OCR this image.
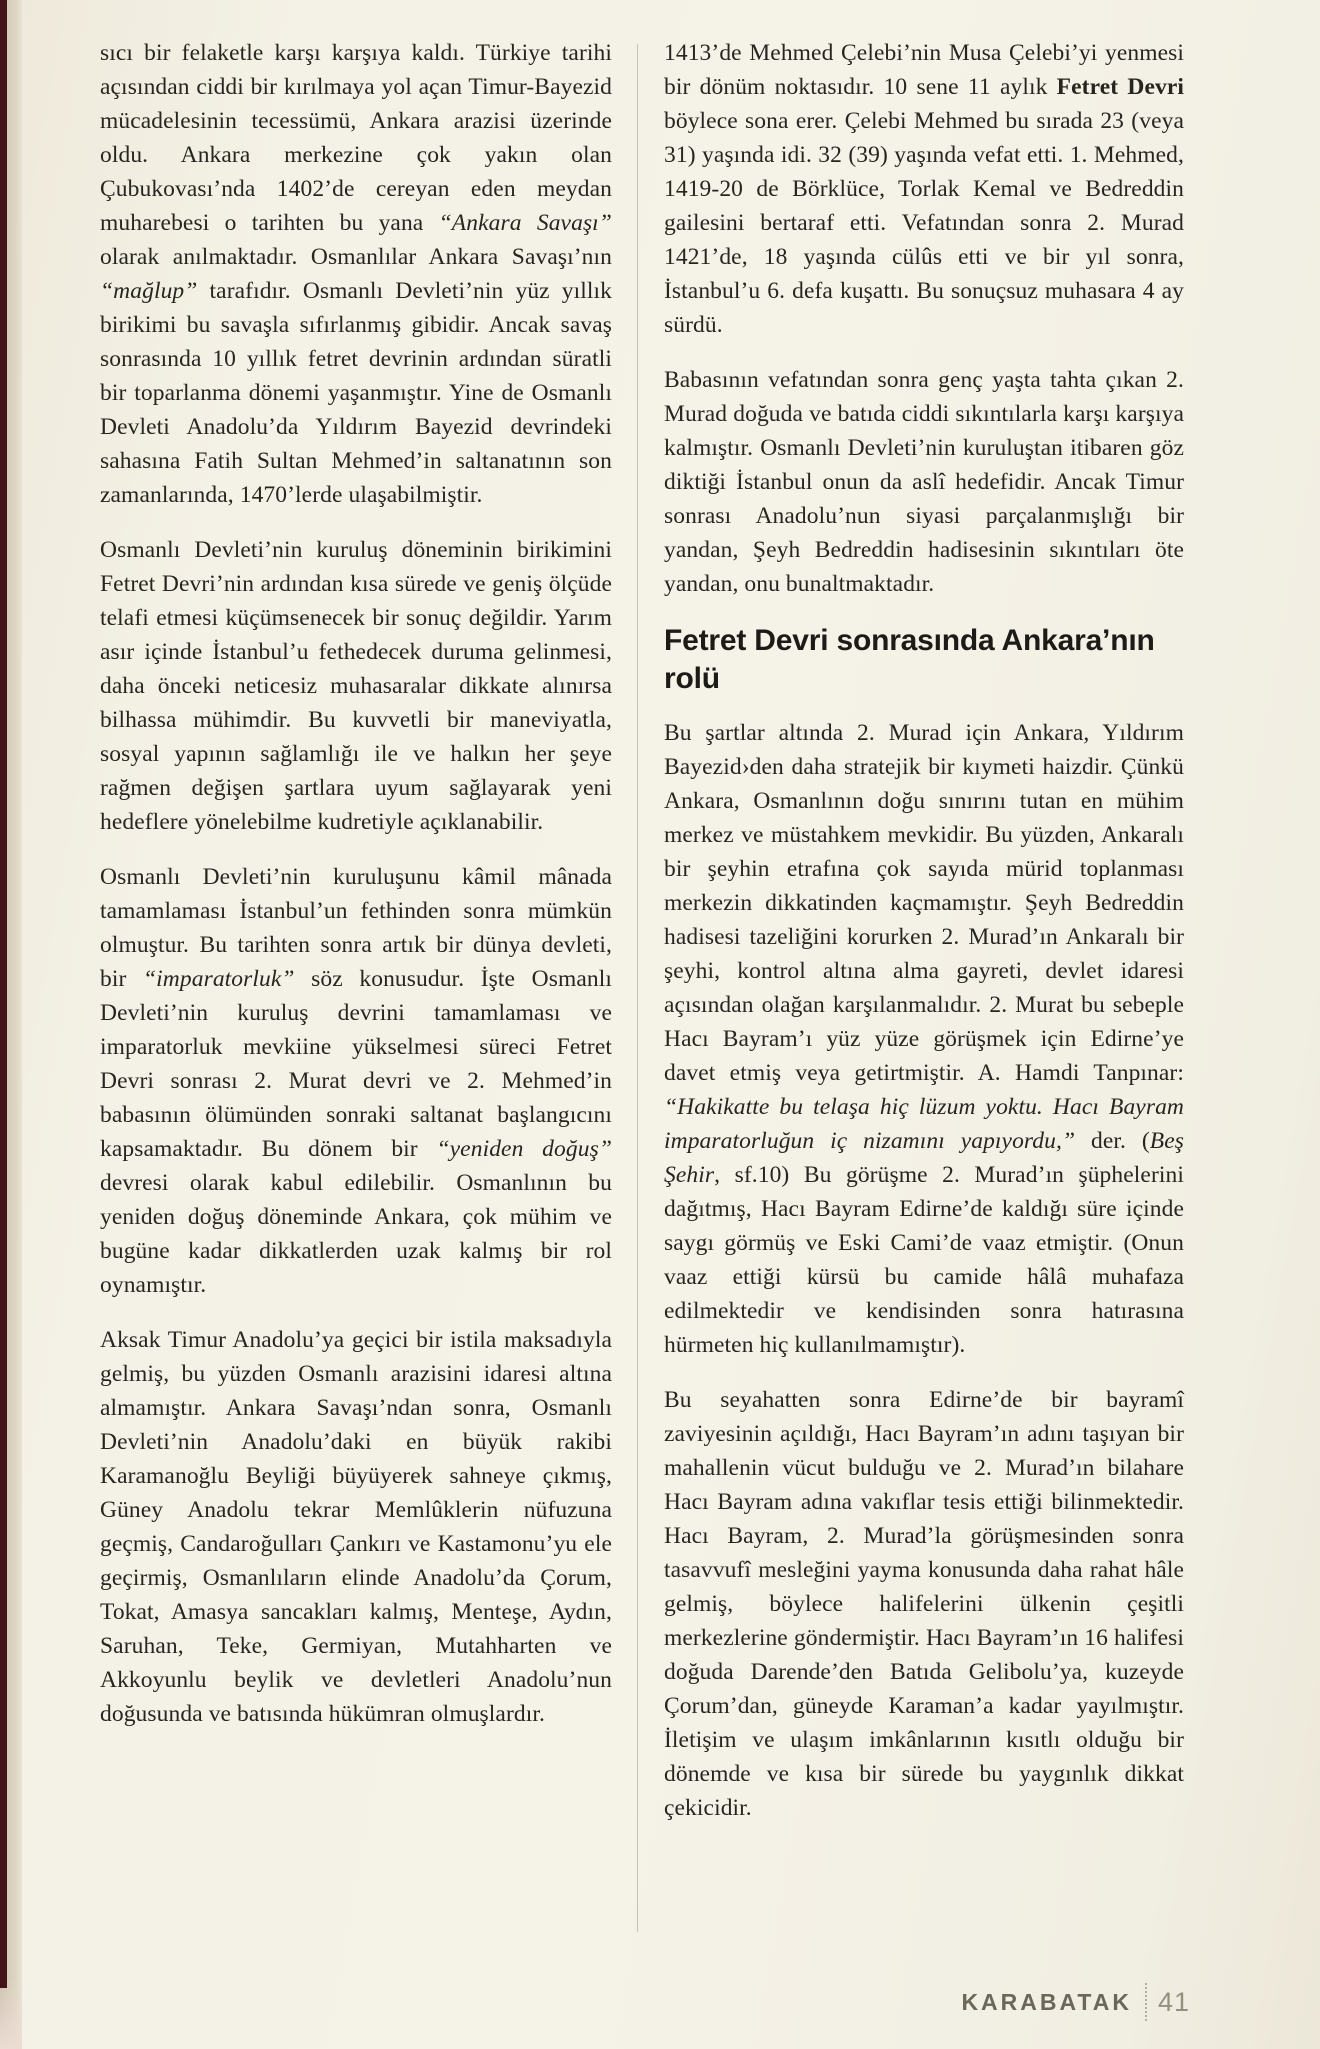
sıcı bir felaketle karşı karşıya kaldı. Türkiye tarihi açısından ciddi bir kırılmaya yol açan Timur-Bayezid mücadelesinin tecessümü, Ankara arazisi üzerinde oldu. Ankara merkezine çok yakın olan Çubukovası’nda 1402’de cereyan eden meydan muharebesi o tarihten bu yana “Ankara Savaşı” olarak anılmaktadır. Osmanlılar Ankara Savaşı’nın “mağlup” tarafıdır. Osmanlı Devleti’nin yüz yıllık birikimi bu savaşla sıfırlanmış gibidir. Ancak savaş sonrasında 10 yıllık fetret devrinin ardından süratli bir toparlanma dönemi yaşanmıştır. Yine de Osmanlı Devleti Anadolu’da Yıldırım Bayezid devrindeki sahasına Fatih Sultan Mehmed’in saltanatının son zamanlarında, 1470’lerde ulaşabilmiştir.

Osmanlı Devleti’nin kuruluş döneminin birikimini Fetret Devri’nin ardından kısa sürede ve geniş ölçüde telafi etmesi küçümsenecek bir sonuç değildir. Yarım asır içinde İstanbul’u fethedecek duruma gelinmesi, daha önceki neticesiz muhasaralar dikkate alınırsa bilhassa mühimdir. Bu kuvvetli bir maneviyatla, sosyal yapının sağlamlığı ile ve halkın her şeye rağmen değişen şartlara uyum sağlayarak yeni hedeflere yönelebilme kudretiyle açıklanabilir.

Osmanlı Devleti’nin kuruluşunu kâmil mânada tamamlaması İstanbul’un fethinden sonra mümkün olmuştur. Bu tarihten sonra artık bir dünya devleti, bir “imparatorluk” söz konusudur. İşte Osmanlı Devleti’nin kuruluş devrini tamamlaması ve imparatorluk mevkiine yükselmesi süreci Fetret Devri sonrası 2. Murat devri ve 2. Mehmed’in babasının ölümünden sonraki saltanat başlangıcını kapsamaktadır. Bu dönem bir “yeniden doğuş” devresi olarak kabul edilebilir. Osmanlının bu yeniden doğuş döneminde Ankara, çok mühim ve bugüne kadar dikkatlerden uzak kalmış bir rol oynamıştır.

Aksak Timur Anadolu’ya geçici bir istila maksadıyla gelmiş, bu yüzden Osmanlı arazisini idaresi altına almamıştır. Ankara Savaşı’ndan sonra, Osmanlı Devleti’nin Anadolu’daki en büyük rakibi Karamanoğlu Beyliği büyüyerek sahneye çıkmış, Güney Anadolu tekrar Memlûklerin nüfuzuna geçmiş, Candaroğulları Çankırı ve Kastamonu’yu ele geçirmiş, Osmanlıların elinde Anadolu’da Çorum, Tokat, Amasya sancakları kalmış, Menteşe, Aydın, Saruhan, Teke, Germiyan, Mutahharten ve Akkoyunlu beylik ve devletleri Anadolu’nun doğusunda ve batısında hükümran olmuşlardır.

1413’de Mehmed Çelebi’nin Musa Çelebi’yi yenmesi bir dönüm noktasıdır. 10 sene 11 aylık Fetret Devri böylece sona erer. Çelebi Mehmed bu sırada 23 (veya 31) yaşında idi. 32 (39) yaşında vefat etti. 1. Mehmed, 1419-20 de Börklüce, Torlak Kemal ve Bedreddin gailesini bertaraf etti. Vefatından sonra 2. Murad 1421’de, 18 yaşında cülûs etti ve bir yıl sonra, İstanbul’u 6. defa kuşattı. Bu sonuçsuz muhasara 4 ay sürdü.

Babasının vefatından sonra genç yaşta tahta çıkan 2. Murad doğuda ve batıda ciddi sıkıntılarla karşı karşıya kalmıştır. Osmanlı Devleti’nin kuruluştan itibaren göz diktiği İstanbul onun da aslî hedefidir. Ancak Timur sonrası Anadolu’nun siyasi parçalanmışlığı bir yandan, Şeyh Bedreddin hadisesinin sıkıntıları öte yandan, onu bunaltmaktadır.

Fetret Devri sonrasında Ankara’nın rolü

Bu şartlar altında 2. Murad için Ankara, Yıldırım Bayezid›den daha stratejik bir kıymeti haizdir. Çünkü Ankara, Osmanlının doğu sınırını tutan en mühim merkez ve müstahkem mevkidir. Bu yüzden, Ankaralı bir şeyhin etrafına çok sayıda mürid toplanması merkezin dikkatinden kaçmamıştır. Şeyh Bedreddin hadisesi tazeliğini korurken 2. Murad’ın Ankaralı bir şeyhi, kontrol altına alma gayreti, devlet idaresi açısından olağan karşılanmalıdır. 2. Murat bu sebeple Hacı Bayram’ı yüz yüze görüşmek için Edirne’ye davet etmiş veya getirtmiştir. A. Hamdi Tanpınar: “Hakikatte bu telaşa hiç lüzum yoktu. Hacı Bayram imparatorluğun iç nizamını yapıyordu,” der. (Beş Şehir, sf.10) Bu görüşme 2. Murad’ın şüphelerini dağıtmış, Hacı Bayram Edirne’de kaldığı süre içinde saygı görmüş ve Eski Cami’de vaaz etmiştir. (Onun vaaz ettiği kürsü bu camide hâlâ muhafaza edilmektedir ve kendisinden sonra hatırasına hürmeten hiç kullanılmamıştır).

Bu seyahatten sonra Edirne’de bir bayramî zaviyesinin açıldığı, Hacı Bayram’ın adını taşıyan bir mahallenin vücut bulduğu ve 2. Murad’ın bilahare Hacı Bayram adına vakıflar tesis ettiği bilinmektedir. Hacı Bayram, 2. Murad’la görüşmesinden sonra tasavvufî mesleğini yayma konusunda daha rahat hâle gelmiş, böylece halifelerini ülkenin çeşitli merkezlerine göndermiştir. Hacı Bayram’ın 16 halifesi doğuda Darende’den Batıda Gelibolu’ya, kuzeyde Çorum’dan, güneyde Karaman’a kadar yayılmıştır. İletişim ve ulaşım imkânlarının kısıtlı olduğu bir dönemde ve kısa bir sürede bu yaygınlık dikkat çekicidir.

KARABATAK 41
